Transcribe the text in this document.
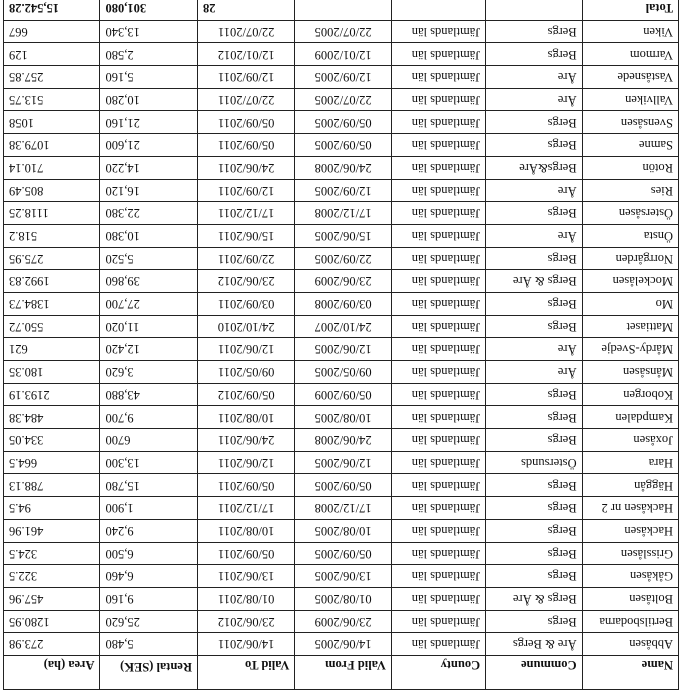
Name	Commune	County	Valid From	Valid To	Rental (SEK)	Area (ha)
Abbåsen	Åre & Bergs	Jämtlands län	14/06/2005	14/06/2011	5,480	273.98
Bertilsbodarna	Bergs	Jämtlands län	23/06/2009	23/06/2012	25,620	1280.95
Boltåsen	Bergs & Åre	Jämtlands län	01/08/2005	01/08/2011	9,160	457.96
Gåkåsen	Bergs	Jämtlands län	13/06/2005	13/06/2011	6,460	322.5
Grisslåsen	Bergs	Jämtlands län	05/09/2005	05/09/2011	6,500	324.5
Hackåsen	Bergs	Jämtlands län	10/08/2005	10/08/2011	9,240	461.96
Hackåsen nr 2	Bergs	Jämtlands län	17/12/2008	17/12/2011	1,900	94.5
Häggån	Bergs	Jämtlands län	05/09/2005	05/09/2011	15,780	788.13
Hara	Östersunds	Jämtlands län	12/06/2005	12/06/2011	13,300	664.5
Joxåsen	Bergs	Jämtlands län	24/06/2008	24/06/2011	6700	334.05
Kampdalen	Bergs	Jämtlands län	10/08/2005	10/08/2011	9,700	484.38
Koborgen	Bergs	Jämtlands län	05/09/2009	05/09/2012	43,880	2193.19
Månsåsen	Åre	Jämtlands län	09/05/2005	09/05/2011	3,620	180.35
Mårdy-Svedje	Åre	Jämtlands län	12/06/2005	12/06/2011	12,420	621
Mattiaset	Bergs	Jämtlands län	24/10/2007	24/10/2010	11,020	550.72
Mo	Bergs	Jämtlands län	03/09/2008	03/09/2011	27,700	1384.73
Mockelåsen	Bergs & Åre	Jämtlands län	23/06/2009	23/06/2012	39,860	1992.83
Norrgården	Bergs	Jämtlands län	22/09/2005	22/09/2011	5,520	275.95
Önsta	Åre	Jämtlands län	15/06/2005	15/06/2011	10,380	518.2
Östersåsen	Bergs	Jämtlands län	17/12/2008	17/12/2011	22,380	1118.25
Ries	Åre	Jämtlands län	12/09/2005	12/09/2011	16,120	805.49
Rotön	Bergs&Åre	Jämtlands län	24/06/2008	24/06/2011	14,220	710.14
Samne	Bergs	Jämtlands län	05/09/2005	05/09/2011	21,600	1079.38
Svensåsen	Bergs	Jämtlands län	05/09/2005	05/09/2011	21,160	1058
Vallviken	Åre	Jämtlands län	22/07/2005	22/07/2011	10,280	513.75
Vaståsnede	Åre	Jämtlands län	12/09/2005	12/09/2011	5,160	257.85
Varmom	Bergs	Jämtlands län	12/01/2009	12/01/2012	2,580	129
Viken	Bergs	Jämtlands län	22/07/2005	22/07/2011	13,340	667
Total				28	301,080	15,542.28
